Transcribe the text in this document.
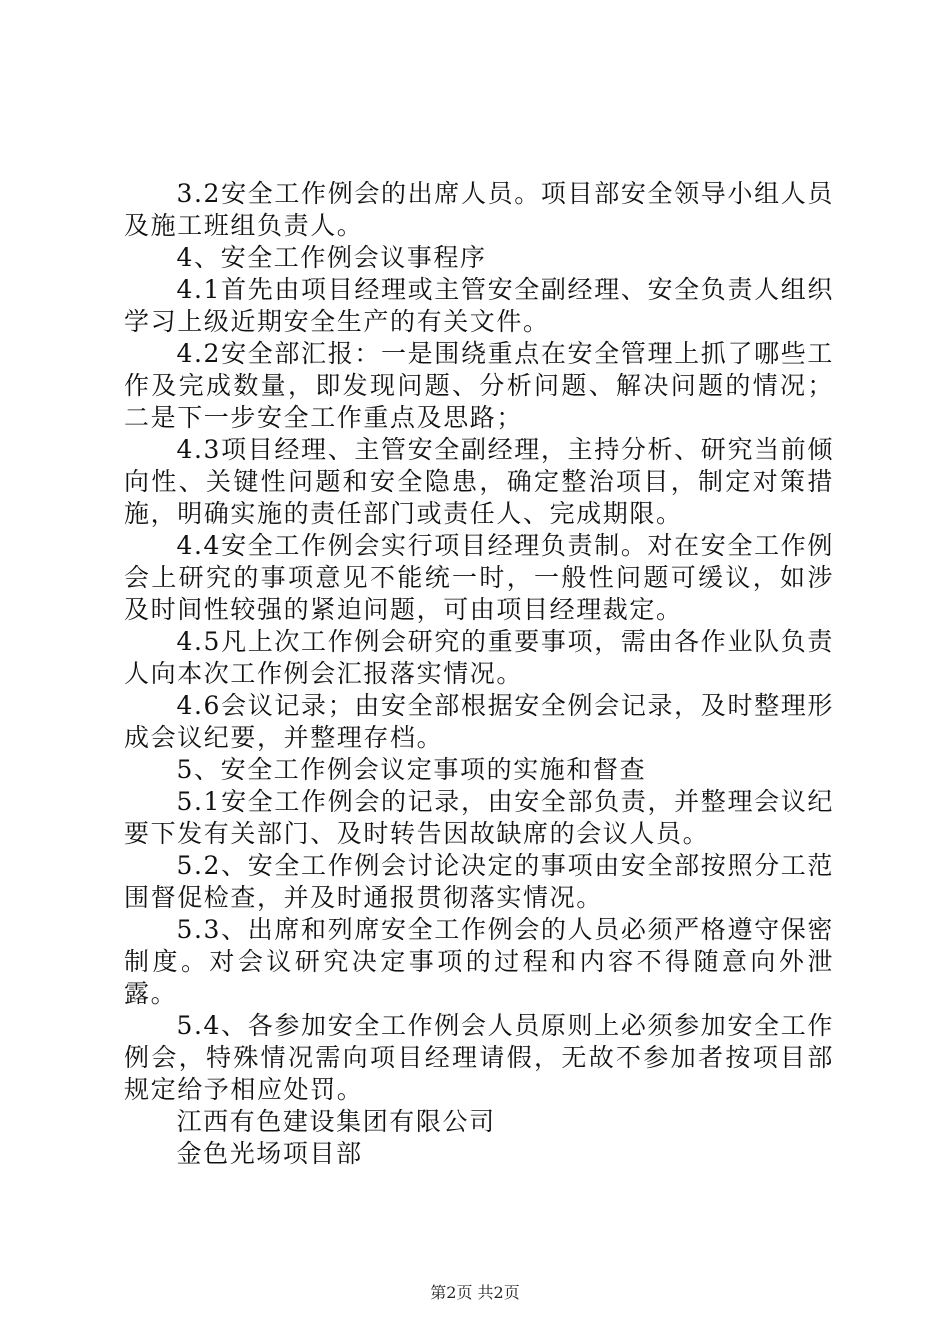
3.2安全工作例会的出席人员。项目部安全领导小组人员及施工班组负责人。

4、安全工作例会议事程序

4.1首先由项目经理或主管安全副经理、安全负责人组织学习上级近期安全生产的有关文件。

4.2安全部汇报：一是围绕重点在安全管理上抓了哪些工作及完成数量，即发现问题、分析问题、解决问题的情况；二是下一步安全工作重点及思路；

4.3项目经理、主管安全副经理，主持分析、研究当前倾向性、关键性问题和安全隐患，确定整治项目，制定对策措施，明确实施的责任部门或责任人、完成期限。

4.4安全工作例会实行项目经理负责制。对在安全工作例会上研究的事项意见不能统一时，一般性问题可缓议，如涉及时间性较强的紧迫问题，可由项目经理裁定。

4.5凡上次工作例会研究的重要事项，需由各作业队负责人向本次工作例会汇报落实情况。

4.6会议记录；由安全部根据安全例会记录，及时整理形成会议纪要，并整理存档。

5、安全工作例会议定事项的实施和督查

5.1安全工作例会的记录，由安全部负责，并整理会议纪要下发有关部门、及时转告因故缺席的会议人员。

5.2、安全工作例会讨论决定的事项由安全部按照分工范围督促检查，并及时通报贯彻落实情况。

5.3、出席和列席安全工作例会的人员必须严格遵守保密制度。对会议研究决定事项的过程和内容不得随意向外泄露。

5.4、各参加安全工作例会人员原则上必须参加安全工作例会，特殊情况需向项目经理请假，无故不参加者按项目部规定给予相应处罚。

江西有色建设集团有限公司

金色光场项目部

第2页 共2页
